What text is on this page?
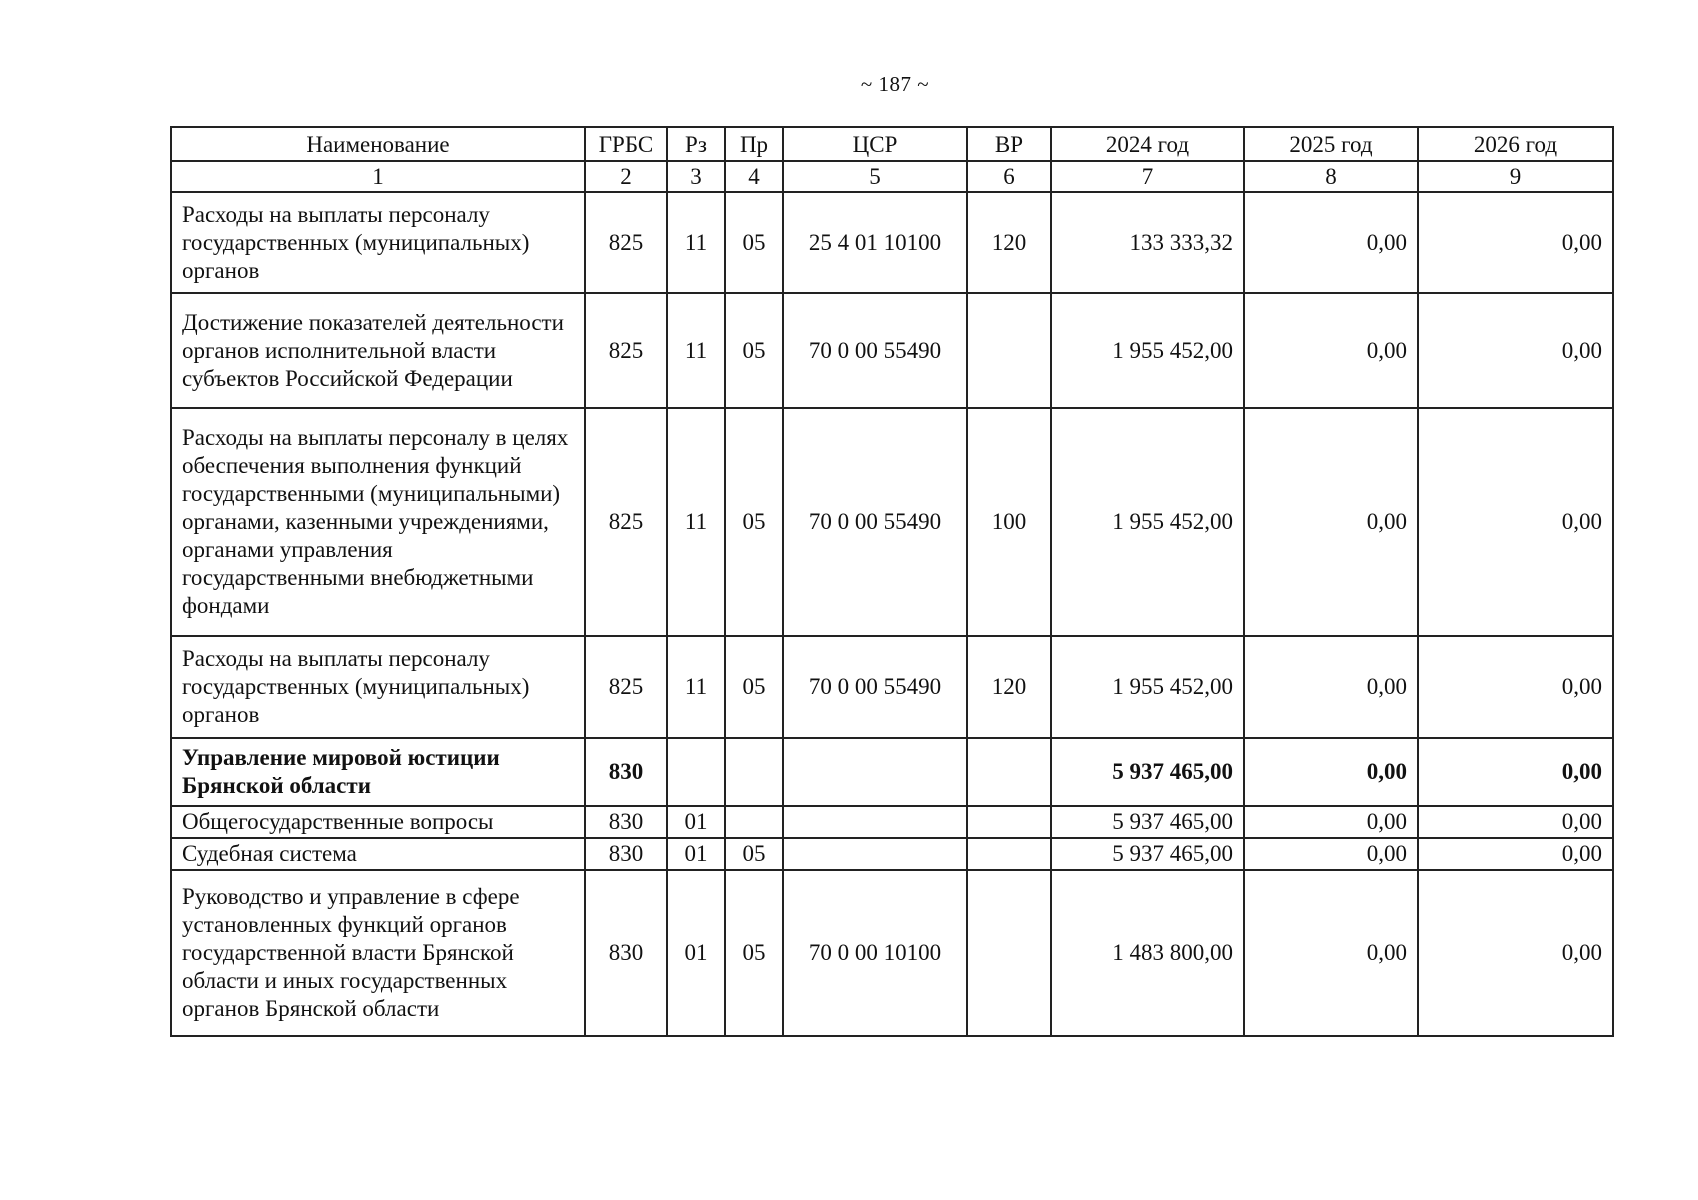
~ 187 ~
Наименование	ГРБС	Рз	Пр	ЦСР	ВР	2024 год	2025 год	2026 год
1	2	3	4	5	6	7	8	9
Расходы на выплаты персоналу государственных (муниципальных) органов	825	11	05	25 4 01 10100	120	133 333,32	0,00	0,00
Достижение показателей деятельности органов исполнительной власти субъектов Российской Федерации	825	11	05	70 0 00 55490		1 955 452,00	0,00	0,00
Расходы на выплаты персоналу в целях обеспечения выполнения функций государственными (муниципальными) органами, казенными учреждениями, органами управления государственными внебюджетными фондами	825	11	05	70 0 00 55490	100	1 955 452,00	0,00	0,00
Расходы на выплаты персоналу государственных (муниципальных) органов	825	11	05	70 0 00 55490	120	1 955 452,00	0,00	0,00
Управление мировой юстиции Брянской области	830					5 937 465,00	0,00	0,00
Общегосударственные вопросы	830	01				5 937 465,00	0,00	0,00
Судебная система	830	01	05			5 937 465,00	0,00	0,00
Руководство и управление в сфере установленных функций органов государственной власти Брянской области и иных государственных органов Брянской области	830	01	05	70 0 00 10100		1 483 800,00	0,00	0,00
